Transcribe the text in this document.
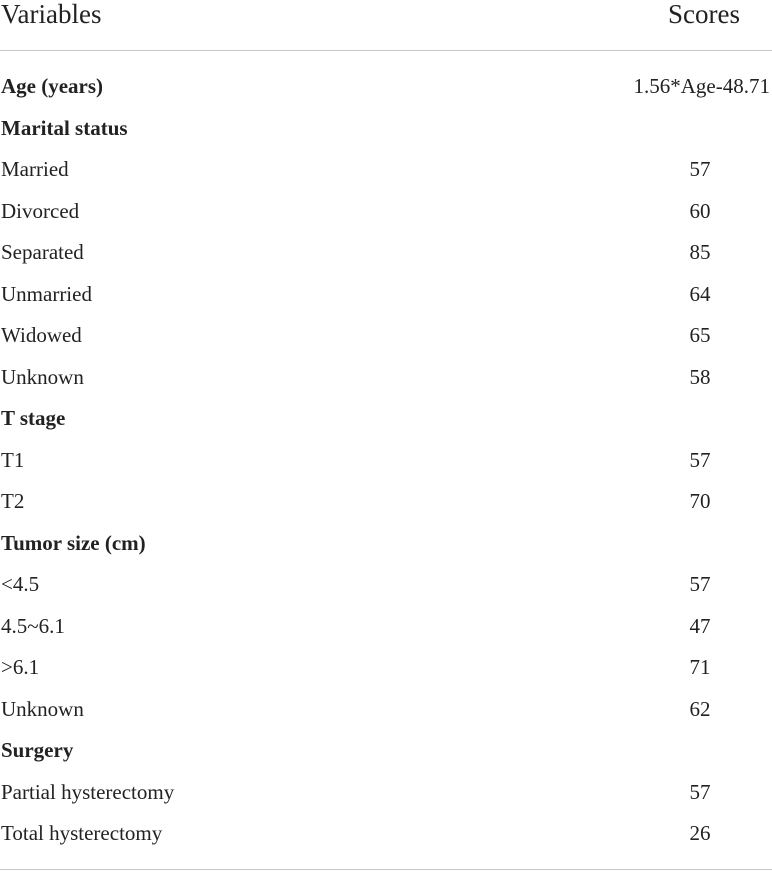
Variables	Scores
Age (years)	1.56*Age-48.71
Marital status
Married	57
Divorced	60
Separated	85
Unmarried	64
Widowed	65
Unknown	58
T stage
T1	57
T2	70
Tumor size (cm)
<4.5	57
4.5~6.1	47
>6.1	71
Unknown	62
Surgery
Partial hysterectomy	57
Total hysterectomy	26
